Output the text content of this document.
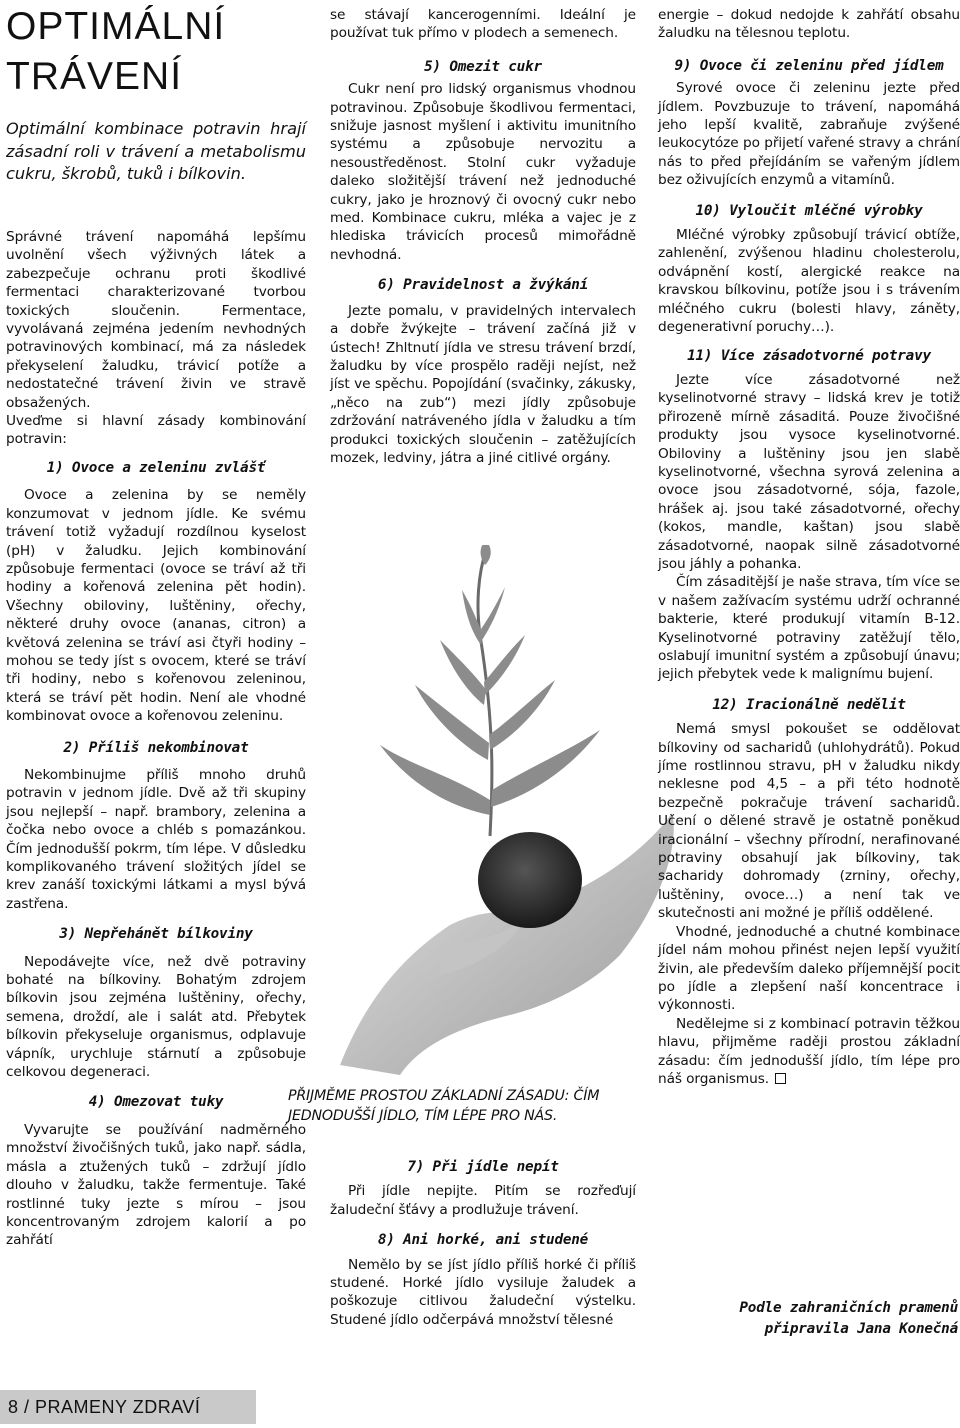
OPTIMÁLNÍ
TRÁVENÍ

Optimální kombinace potravin hrají zásadní roli v trávení a metabolismu cukru, škrobů, tuků i bílkovin.

Správné trávení napomáhá lepšímu uvolnění všech výživných látek a zabezpečuje ochranu proti škodlivé fermentaci charakterizované tvorbou toxických sloučenin. Fermentace, vyvolávaná zejména jedením nevhodných potravinových kombinací, má za následek překyselení žaludku, trávicí potíže a nedostatečné trávení živin ve stravě obsažených.

Uveďme si hlavní zásady kombinování potravin:

1) Ovoce a zeleninu zvlášť

Ovoce a zelenina by se neměly konzumovat v jednom jídle. Ke svému trávení totiž vyžadují rozdílnou kyselost (pH) v žaludku. Jejich kombinování způsobuje fermentaci (ovoce se tráví až tři hodiny a kořenová zelenina pět hodin). Všechny obiloviny, luštěniny, ořechy, některé druhy ovoce (ananas, citron) a květová zelenina se tráví asi čtyři hodiny – mohou se tedy jíst s ovocem, které se tráví tři hodiny, nebo s kořenovou zeleninou, která se tráví pět hodin. Není ale vhodné kombinovat ovoce a kořenovou zeleninu.

2) Příliš nekombinovat

Nekombinujme příliš mnoho druhů potravin v jednom jídle. Dvě až tři skupiny jsou nejlepší – např. brambory, zelenina a čočka nebo ovoce a chléb s pomazánkou. Čím jednodušší pokrm, tím lépe. V důsledku komplikovaného trávení složitých jídel se krev zanáší toxickými látkami a mysl bývá zastřena.

3) Nepřehánět bílkoviny

Nepodávejte více, než dvě potraviny bohaté na bílkoviny. Bohatým zdrojem bílkovin jsou zejména luštěniny, ořechy, semena, droždí, ale i salát atd. Přebytek bílkovin překyseluje organismus, odplavuje vápník, urychluje stárnutí a způsobuje celkovou degeneraci.

4) Omezovat tuky

Vyvarujte se používání nadměrného množství živočišných tuků, jako např. sádla, másla a ztužených tuků – zdržují jídlo dlouho v žaludku, takže fermentuje. Také rostlinné tuky jezte s mírou – jsou koncentrovaným zdrojem kalorií a po zahřátí

se stávají kancerogenními. Ideální je používat tuk přímo v plodech a semenech.

5) Omezit cukr

Cukr není pro lidský organismus vhodnou potravinou. Způsobuje škodlivou fermentaci, snižuje jasnost myšlení i aktivitu imunitního systému a způsobuje nervozitu a nesoustředěnost. Stolní cukr vyžaduje daleko složitější trávení než jednoduché cukry, jako je hroznový či ovocný cukr nebo med. Kombinace cukru, mléka a vajec je z hlediska trávicích procesů mimořádně nevhodná.

6) Pravidelnost a žvýkání

Jezte pomalu, v pravidelných intervalech a dobře žvýkejte – trávení začíná již v ústech! Zhltnutí jídla ve stresu trávení brzdí, žaludku by více prospělo raději nejíst, než jíst ve spěchu. Popojídání (svačinky, zákusky, „něco na zub“) mezi jídly způsobuje zdržování natráveného jídla v žaludku a tím produkci toxických sloučenin – zatěžujících mozek, ledviny, játra a jiné citlivé orgány.

PŘIJMĚME PROSTOU ZÁKLADNÍ ZÁSADU: ČÍM JEDNODUŠŠÍ JÍDLO, TÍM LÉPE PRO NÁS.

7) Při jídle nepít

Při jídle nepijte. Pitím se rozřeďují žaludeční šťávy a prodlužuje trávení.

8) Ani horké, ani studené

Nemělo by se jíst jídlo příliš horké či příliš studené. Horké jídlo vysiluje žaludek a poškozuje citlivou žaludeční výstelku. Studené jídlo odčerpává množství tělesné

energie – dokud nedojde k zahřátí obsahu žaludku na tělesnou teplotu.

9) Ovoce či zeleninu před jídlem

Syrové ovoce či zeleninu jezte před jídlem. Povzbuzuje to trávení, napomáhá jeho lepší kvalitě, zabraňuje zvýšené leukocytóze po přijetí vařené stravy a chrání nás to před přejídáním se vařeným jídlem bez oživujících enzymů a vitamínů.

10) Vyloučit mléčné výrobky

Mléčné výrobky způsobují trávicí obtíže, zahlenění, zvýšenou hladinu cholesterolu, odvápnění kostí, alergické reakce na kravskou bílkovinu, potíže jsou i s trávením mléčného cukru (bolesti hlavy, záněty, degenerativní poruchy…).

11) Více zásadotvorné potravy

Jezte více zásadotvorné než kyselinotvorné stravy – lidská krev je totiž přirozeně mírně zásaditá. Pouze živočišné produkty jsou vysoce kyselinotvorné. Obiloviny a luštěniny jsou jen slabě kyselinotvorné, všechna syrová zelenina a ovoce jsou zásadotvorné, sója, fazole, hrášek aj. jsou také zásadotvorné, ořechy (kokos, mandle, kaštan) jsou slabě zásadotvorné, naopak silně zásadotvorné jsou jáhly a pohanka.

Čím zásaditější je naše strava, tím více se v našem zažívacím systému udrží ochranné bakterie, které produkují vitamín B-12. Kyselinotvorné potraviny zatěžují tělo, oslabují imunitní systém a způsobují únavu; jejich přebytek vede k malignímu bujení.

12) Iracionálně nedělit

Nemá smysl pokoušet se oddělovat bílkoviny od sacharidů (uhlohydrátů). Pokud jíme rostlinnou stravu, pH v žaludku nikdy neklesne pod 4,5 – a při této hodnotě bezpečně pokračuje trávení sacharidů. Učení o dělené stravě je ostatně poněkud iracionální – všechny přírodní, nerafinované potraviny obsahují jak bílkoviny, tak sacharidy dohromady (zrniny, ořechy, luštěniny, ovoce…) a není tak ve skutečnosti ani možné je příliš oddělené.

Vhodné, jednoduché a chutné kombinace jídel nám mohou přinést nejen lepší využití živin, ale především daleko příjemnější pocit po jídle a zlepšení naší koncentrace i výkonnosti.

Nedělejme si z kombinací potravin těžkou hlavu, přijměme raději prostou základní zásadu: čím jednodušší jídlo, tím lépe pro náš organismus.

Podle zahraničních pramenů
připravila Jana Konečná
8 / PRAMENY ZDRAVÍ
